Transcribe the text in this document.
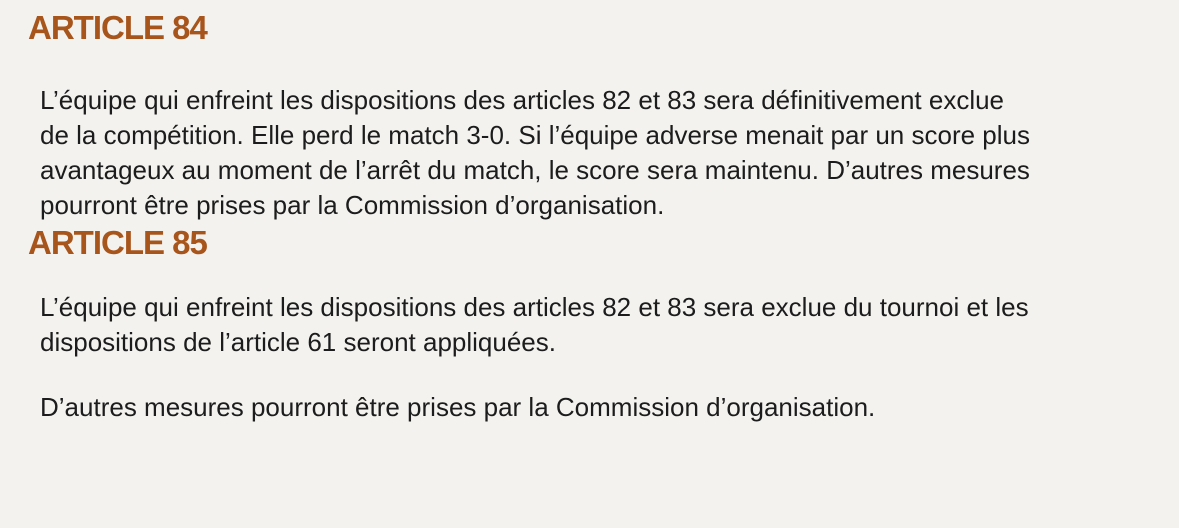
ARTICLE 84
L’équipe qui enfreint les dispositions des articles 82 et 83 sera définitivement exclue
de la compétition. Elle perd le match 3-0. Si l’équipe adverse menait par un score plus
avantageux au moment de l’arrêt du match, le score sera maintenu. D’autres mesures
pourront être prises par la Commission d’organisation.
ARTICLE 85
L’équipe qui enfreint les dispositions des articles 82 et 83 sera exclue du tournoi et les
dispositions de l’article 61 seront appliquées.
D’autres mesures pourront être prises par la Commission d’organisation.
